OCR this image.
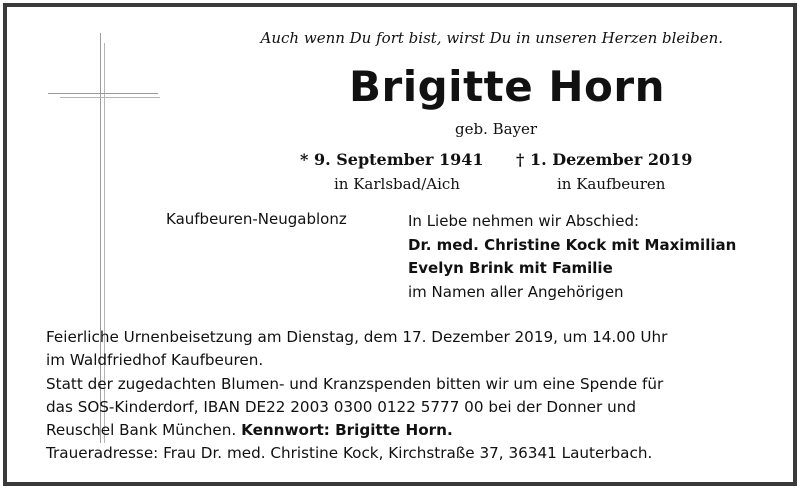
Auch wenn Du fort bist, wirst Du in unseren Herzen bleiben.
Brigitte Horn
geb. Bayer
* 9. September 1941 † 1. Dezember 2019
in Karlsbad/Aich	in Kaufbeuren
Kaufbeuren-Neugablonz	In Liebe nehmen wir Abschied:
Dr. med. Christine Kock mit Maximilian
Evelyn Brink mit Familie
im Namen aller Angehörigen
Feierliche Urnenbeisetzung am Dienstag, dem 17. Dezember 2019, um 14.00 Uhr
im Waldfriedhof Kaufbeuren.
Statt der zugedachten Blumen- und Kranzspenden bitten wir um eine Spende für
das SOS-Kinderdorf, IBAN DE22 2003 0300 0122 5777 00 bei der Donner und
Reuschel Bank München. Kennwort: Brigitte Horn.
Traueradresse: Frau Dr. med. Christine Kock, Kirchstraße 37, 36341 Lauterbach.
